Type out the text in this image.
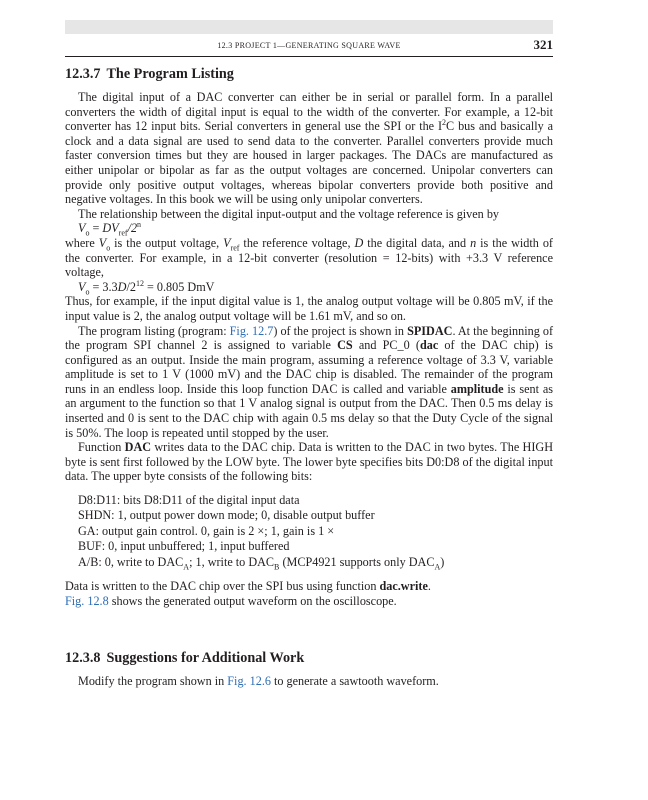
12.3 PROJECT 1—GENERATING SQUARE WAVE	321
12.3.7 The Program Listing

The digital input of a DAC converter can either be in serial or parallel form. In a parallel converters the width of digital input is equal to the width of the converter. For example, a 12-bit converter has 12 input bits. Serial converters in general use the SPI or the $I^2C$ bus and basically a clock and a data signal are used to send data to the converter. Parallel converters provide much faster conversion times but they are housed in larger packages. The DACs are manufactured as either unipolar or bipolar as far as the output voltages are concerned. Unipolar converters can provide only positive output voltages, whereas bipolar converters provide both positive and negative voltages. In this book we will be using only unipolar converters.

The relationship between the digital input-output and the voltage reference is given by

$V_o = DV_{ref}/2^n$

where $V_o$ is the output voltage, $V_{ref}$ the reference voltage, D the digital data, and n is the width of the converter. For example, in a 12-bit converter (resolution = 12-bits) with +3.3 V reference voltage,

$V_o = 3.3D/2^{12} = 0.805$ DmV

Thus, for example, if the input digital value is 1, the analog output voltage will be 0.805 mV, if the input value is 2, the analog output voltage will be 1.61 mV, and so on.

The program listing (program: Fig. 12.7) of the project is shown in SPIDAC. At the beginning of the program SPI channel 2 is assigned to variable CS and PC_0 (dac of the DAC chip) is configured as an output. Inside the main program, assuming a reference voltage of 3.3 V, variable amplitude is set to 1 V (1000 mV) and the DAC chip is disabled. The remainder of the program runs in an endless loop. Inside this loop function DAC is called and variable amplitude is sent as an argument to the function so that 1 V analog signal is output from the DAC. Then 0.5 ms delay is inserted and 0 is sent to the DAC chip with again 0.5 ms delay so that the Duty Cycle of the signal is 50%. The loop is repeated until stopped by the user.

Function DAC writes data to the DAC chip. Data is written to the DAC in two bytes. The HIGH byte is sent first followed by the LOW byte. The lower byte specifies bits D0:D8 of the digital input data. The upper byte consists of the following bits:

D8:D11: bits D8:D11 of the digital input data
SHDN: 1, output power down mode; 0, disable output buffer
GA: output gain control. 0, gain is 2 ×; 1, gain is 1 ×
BUF: 0, input unbuffered; 1, input buffered
A/B: 0, write to $DAC_A$; 1, write to $DAC_B$ (MCP4921 supports only $DAC_A$)

Data is written to the DAC chip over the SPI bus using function dac.write.

Fig. 12.8 shows the generated output waveform on the oscilloscope.

12.3.8 Suggestions for Additional Work

Modify the program shown in Fig. 12.6 to generate a sawtooth waveform.
